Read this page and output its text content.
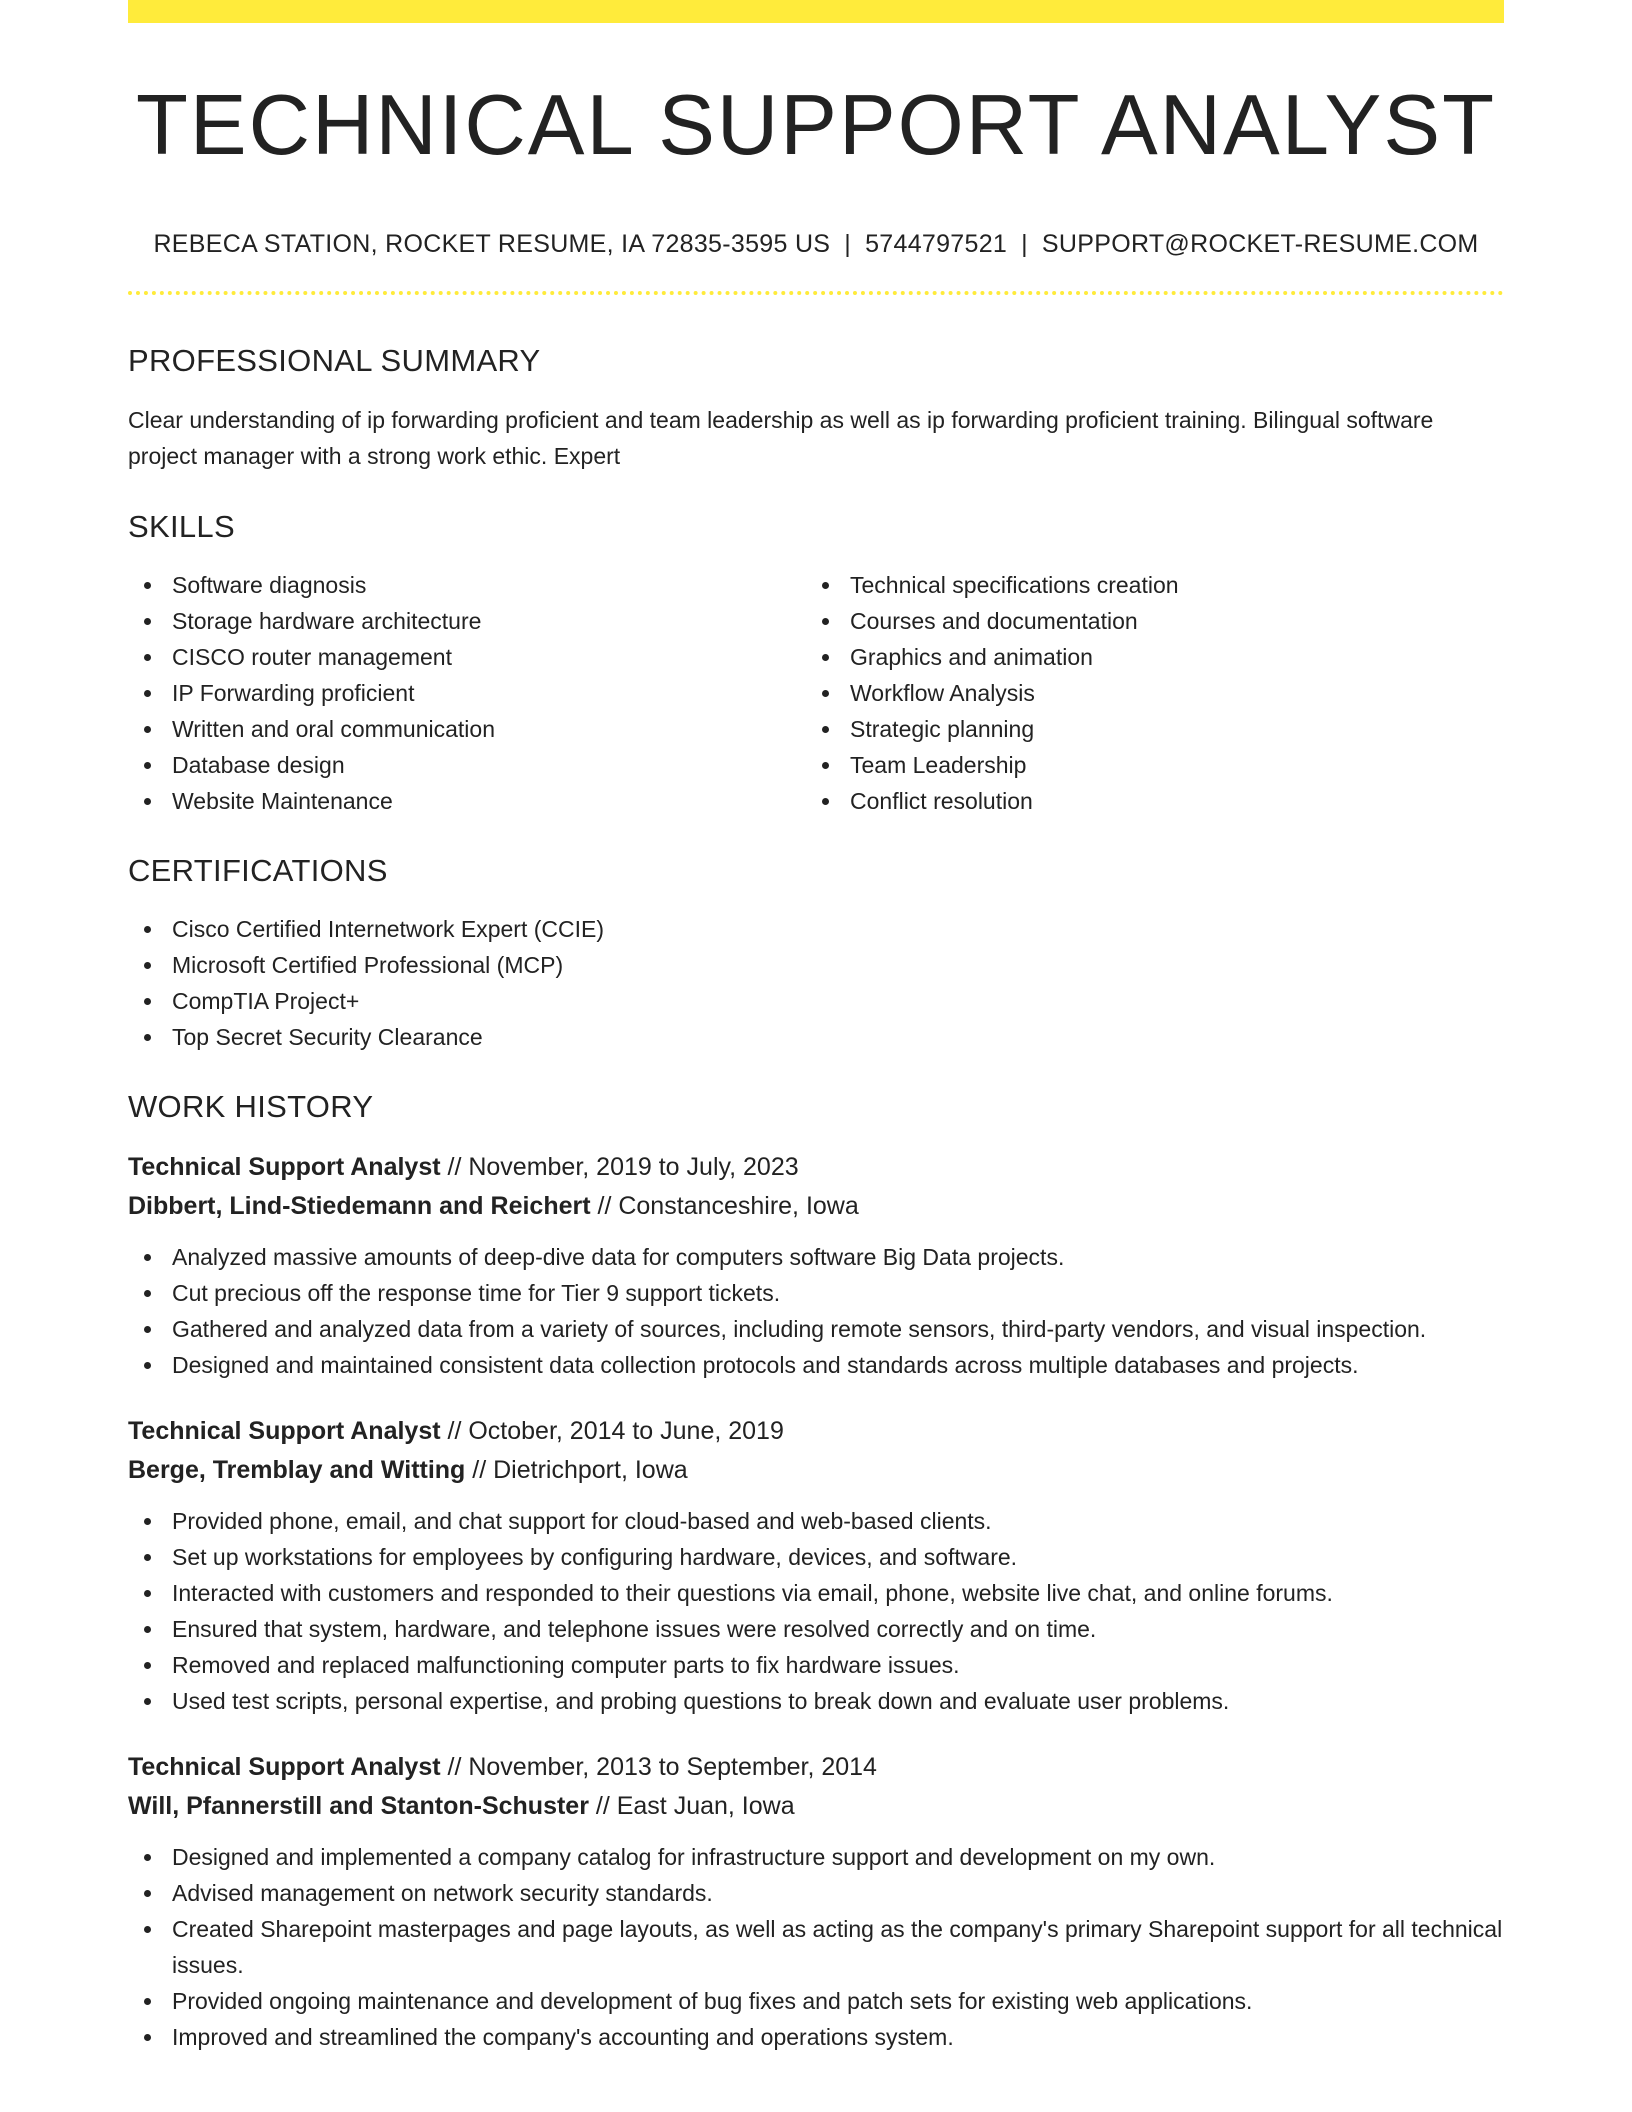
TECHNICAL SUPPORT ANALYST
REBECA STATION, ROCKET RESUME, IA 72835-3595 US | 5744797521 | SUPPORT@ROCKET-RESUME.COM
PROFESSIONAL SUMMARY

Clear understanding of ip forwarding proficient and team leadership as well as ip forwarding proficient training. Bilingual software project manager with a strong work ethic. Expert

SKILLS
Software diagnosis
Storage hardware architecture
CISCO router management
IP Forwarding proficient
Written and oral communication
Database design
Website Maintenance
Technical specifications creation
Courses and documentation
Graphics and animation
Workflow Analysis
Strategic planning
Team Leadership
Conflict resolution
CERTIFICATIONS
Cisco Certified Internetwork Expert (CCIE)
Microsoft Certified Professional (MCP)
CompTIA Project+
Top Secret Security Clearance
WORK HISTORY
Technical Support Analyst // November, 2019 to July, 2023
Dibbert, Lind-Stiedemann and Reichert // Constanceshire, Iowa
Analyzed massive amounts of deep-dive data for computers software Big Data projects.
Cut precious off the response time for Tier 9 support tickets.
Gathered and analyzed data from a variety of sources, including remote sensors, third-party vendors, and visual inspection.
Designed and maintained consistent data collection protocols and standards across multiple databases and projects.
Technical Support Analyst // October, 2014 to June, 2019
Berge, Tremblay and Witting // Dietrichport, Iowa
Provided phone, email, and chat support for cloud-based and web-based clients.
Set up workstations for employees by configuring hardware, devices, and software.
Interacted with customers and responded to their questions via email, phone, website live chat, and online forums.
Ensured that system, hardware, and telephone issues were resolved correctly and on time.
Removed and replaced malfunctioning computer parts to fix hardware issues.
Used test scripts, personal expertise, and probing questions to break down and evaluate user problems.
Technical Support Analyst // November, 2013 to September, 2014
Will, Pfannerstill and Stanton-Schuster // East Juan, Iowa
Designed and implemented a company catalog for infrastructure support and development on my own.
Advised management on network security standards.
Created Sharepoint masterpages and page layouts, as well as acting as the company's primary Sharepoint support for all technical issues.
Provided ongoing maintenance and development of bug fixes and patch sets for existing web applications.
Improved and streamlined the company's accounting and operations system.
